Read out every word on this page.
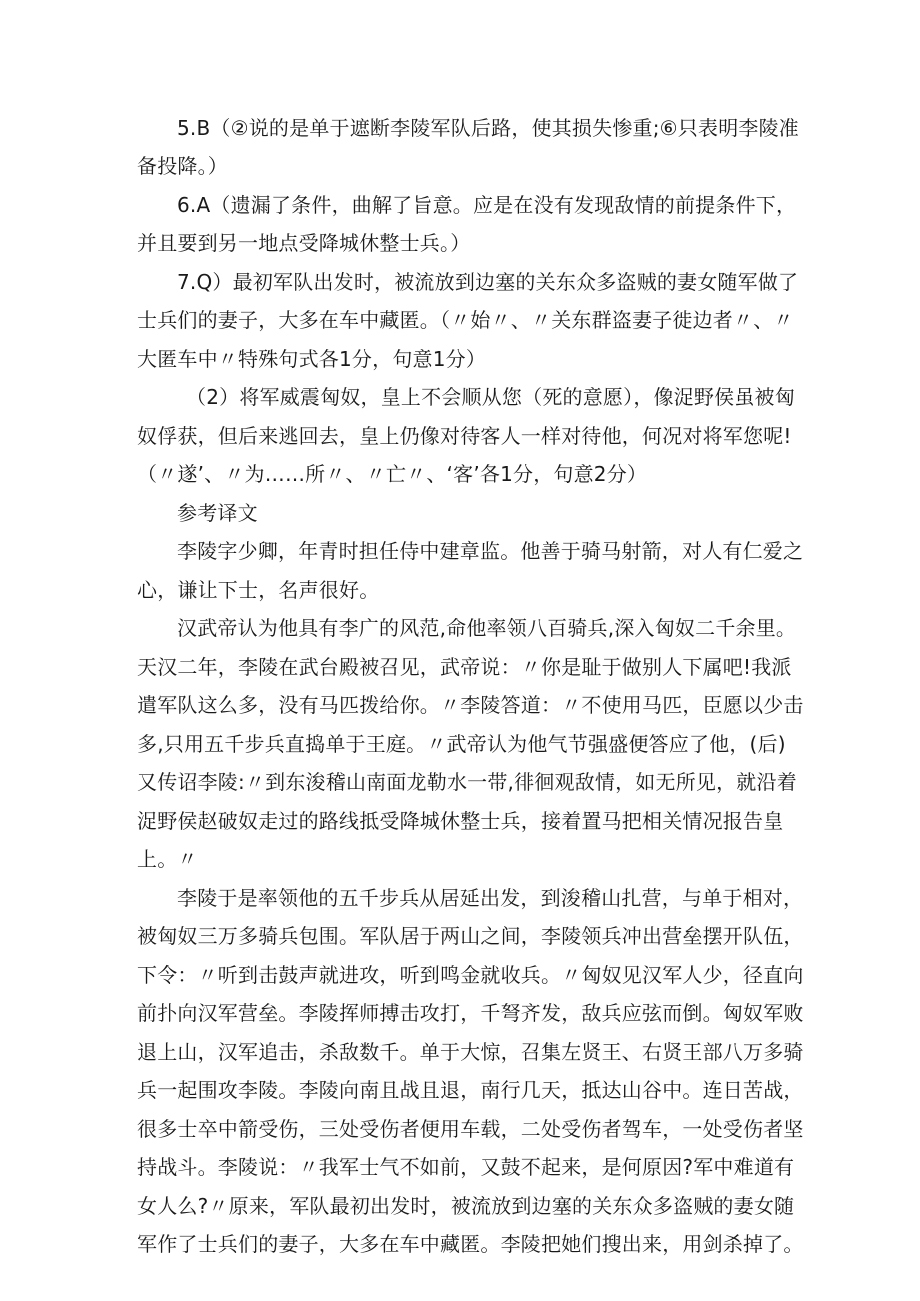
5.B（②说的是单于遮断李陵军队后路，使其损失惨重;⑥只表明李陵准
备投降。）
6.A（遗漏了条件，曲解了旨意。应是在没有发现敌情的前提条件下，
并且要到另一地点受降城休整士兵。）
7.Q）最初军队出发时，被流放到边塞的关东众多盗贼的妻女随军做了
士兵们的妻子，大多在车中藏匿。（〃始〃、〃关东群盗妻子徙边者〃、〃
大匿车中〃特殊句式各1分，句意1分）
（2）将军威震匈奴，皇上不会顺从您（死的意愿），像浞野侯虽被匈
奴俘获，但后来逃回去，皇上仍像对待客人一样对待他，何况对将军您呢!
（〃遂’、〃为……所〃、〃亡〃、‘客’各1分，句意2分）
参考译文
李陵字少卿，年青时担任侍中建章监。他善于骑马射箭，对人有仁爱之
心，谦让下士，名声很好。
汉武帝认为他具有李广的风范,命他率领八百骑兵,深入匈奴二千余里。
天汉二年，李陵在武台殿被召见，武帝说：〃你是耻于做别人下属吧!我派
遣军队这么多，没有马匹拨给你。〃李陵答道：〃不使用马匹，臣愿以少击
多,只用五千步兵直捣单于王庭。〃武帝认为他气节强盛便答应了他，(后)
又传诏李陵:〃到东浚稽山南面龙勒水一带,徘徊观敌情，如无所见，就沿着
浞野侯赵破奴走过的路线抵受降城休整士兵，接着置马把相关情况报告皇
上。〃
李陵于是率领他的五千步兵从居延出发，到浚稽山扎营，与单于相对，
被匈奴三万多骑兵包围。军队居于两山之间，李陵领兵冲出营垒摆开队伍，
下令：〃听到击鼓声就进攻，听到鸣金就收兵。〃匈奴见汉军人少，径直向
前扑向汉军营垒。李陵挥师搏击攻打，千弩齐发，敌兵应弦而倒。匈奴军败
退上山，汉军追击，杀敌数千。单于大惊，召集左贤王、右贤王部八万多骑
兵一起围攻李陵。李陵向南且战且退，南行几天，抵达山谷中。连日苦战，
很多士卒中箭受伤，三处受伤者便用车载，二处受伤者驾车，一处受伤者坚
持战斗。李陵说：〃我军士气不如前，又鼓不起来，是何原因?军中难道有
女人么?〃原来，军队最初出发时，被流放到边塞的关东众多盗贼的妻女随
军作了士兵们的妻子，大多在车中藏匿。李陵把她们搜出来，用剑杀掉了。
